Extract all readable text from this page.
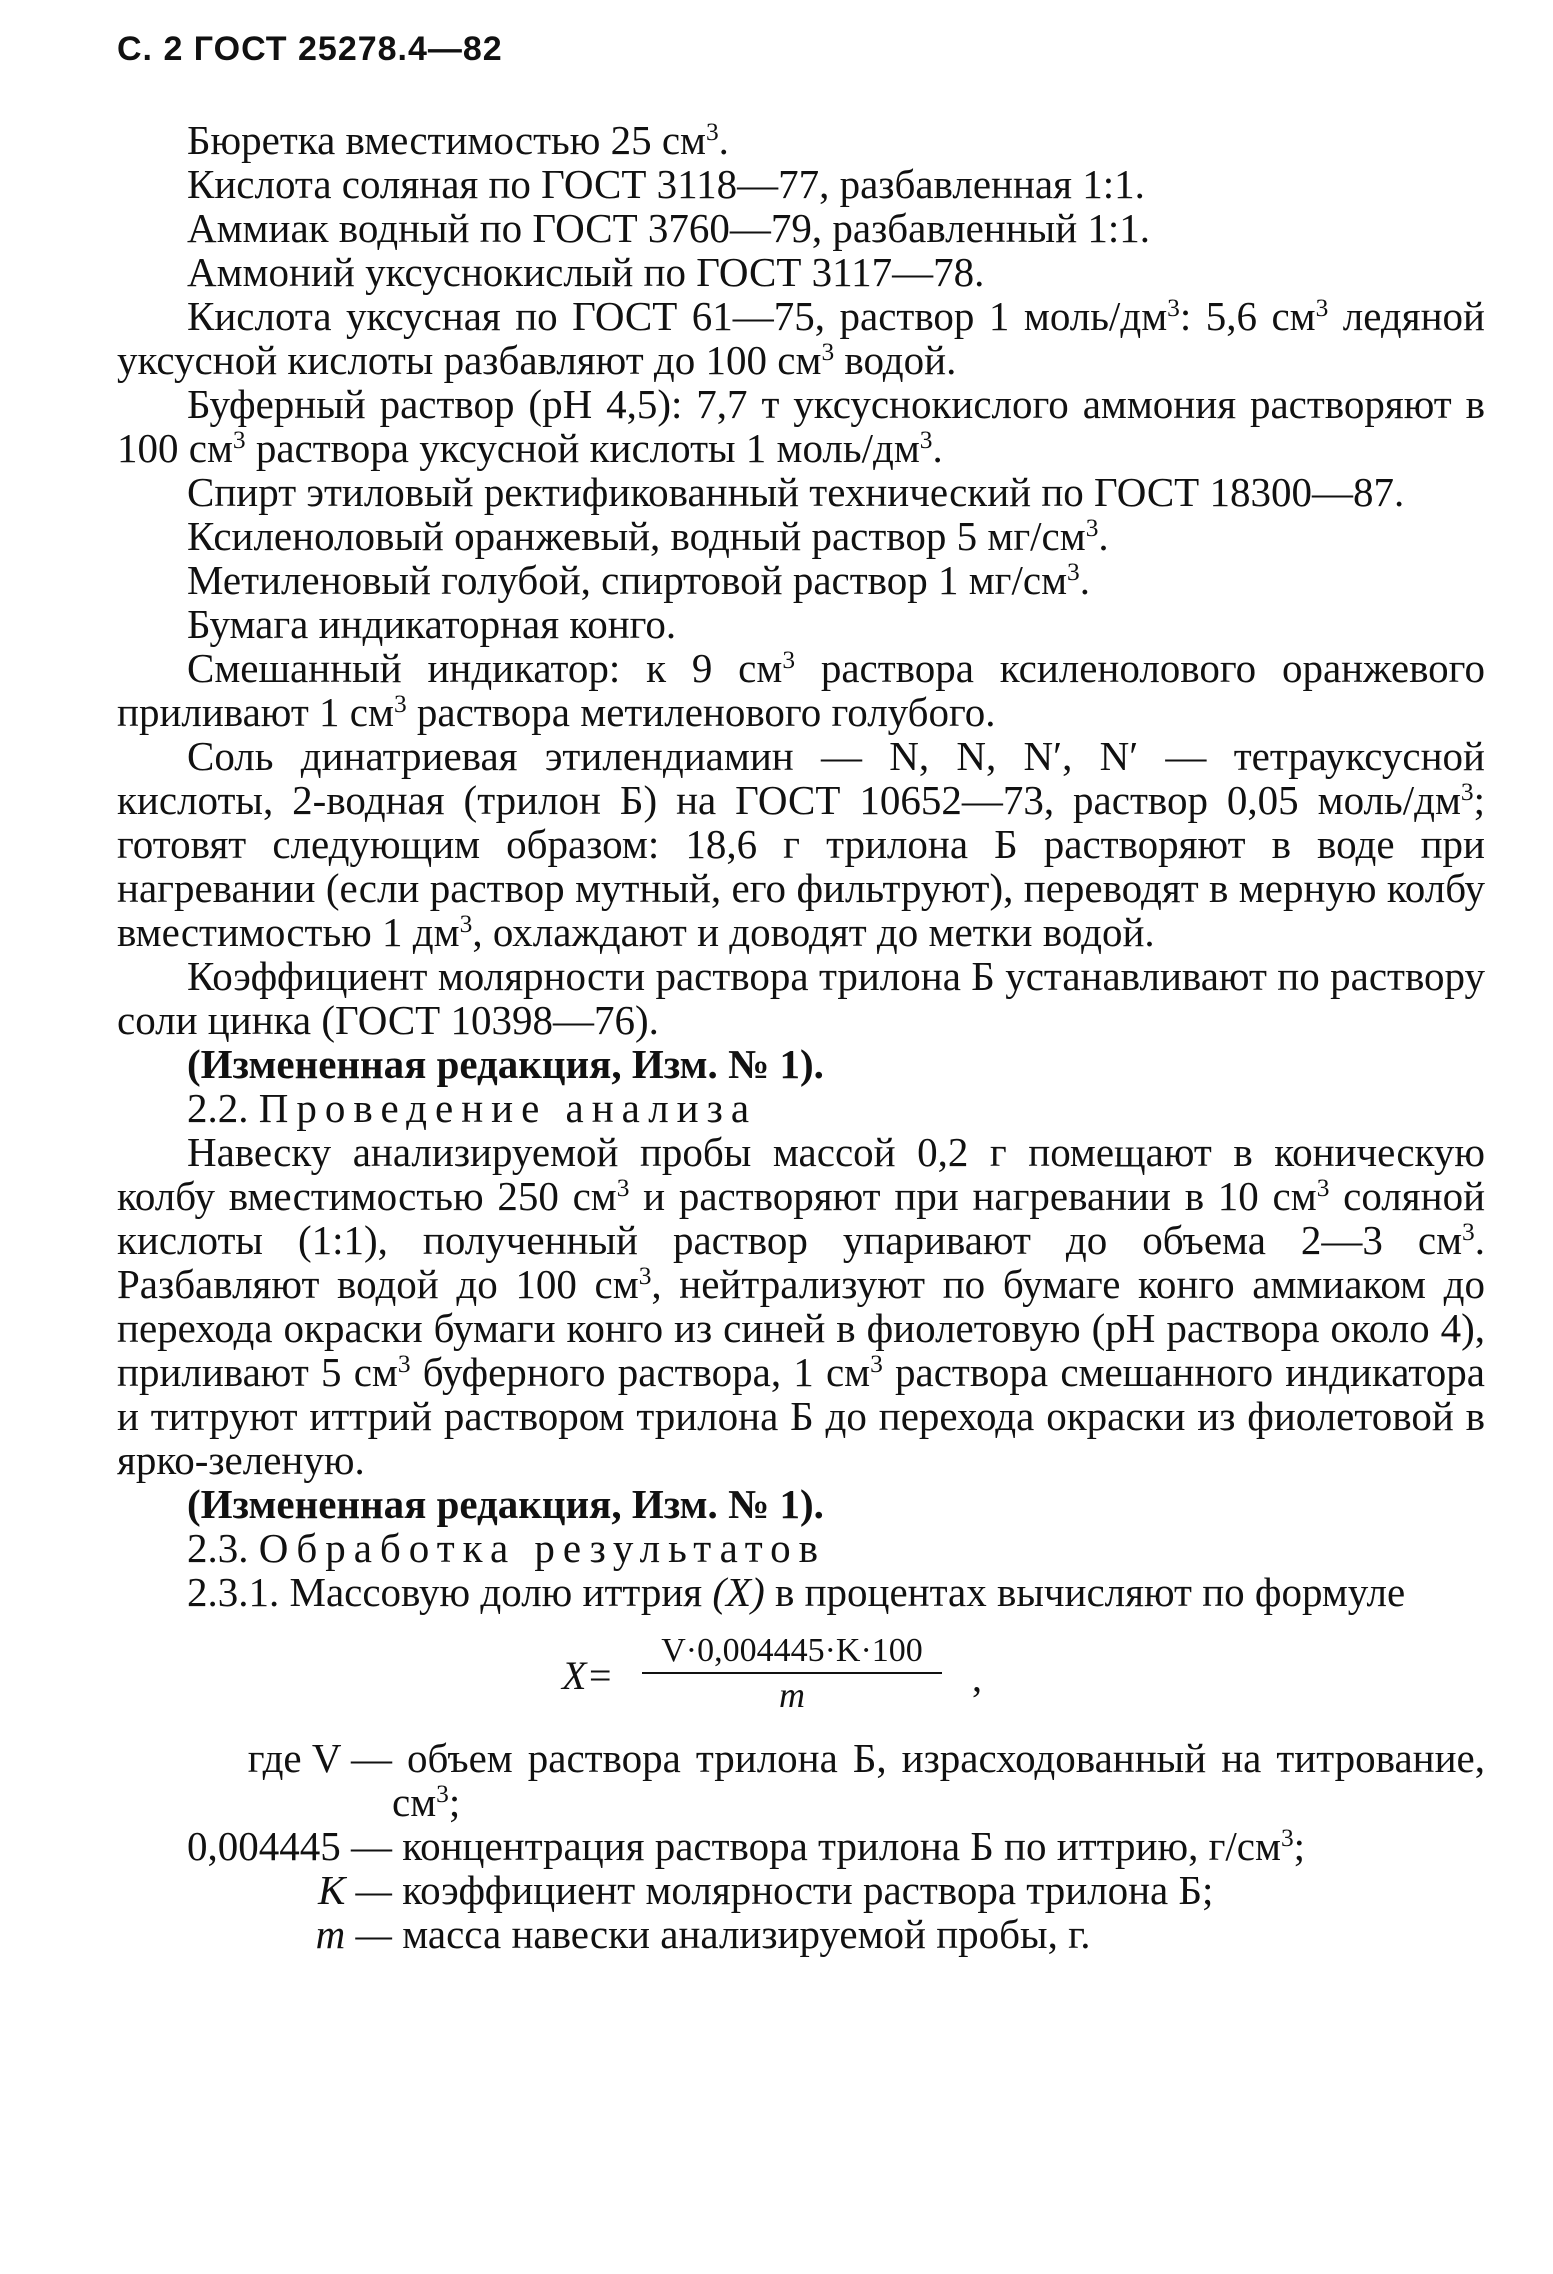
С. 2 ГОСТ 25278.4—82

Бюретка вместимостью 25 $см^3$.

Кислота соляная по ГОСТ 3118—77, разбавленная 1:1.

Аммиак водный по ГОСТ 3760—79, разбавленный 1:1.

Аммоний уксуснокислый по ГОСТ 3117—78.

Кислота уксусная по ГОСТ 61—75, раствор 1 моль/$дм^3$: 5,6 $см^3$ ледяной уксусной кислоты разбавляют до 100 $см^3$ водой.

Буферный раствор (рН 4,5): 7,7 т уксуснокислого аммония растворяют в 100 $см^3$ раствора уксусной кислоты 1 моль/$дм^3$.

Спирт этиловый ректификованный технический по ГОСТ 18300—87.

Ксиленоловый оранжевый, водный раствор 5 $мг/см^3$.

Метиленовый голубой, спиртовой раствор 1 $мг/см^3$.

Бумага индикаторная конго.

Смешанный индикатор: к 9 $см^3$ раствора ксиленолового оранжевого приливают 1 $см^3$ раствора метиленового голубого.

Соль динатриевая этилендиамин — N, N, N′, N′ — тетрауксусной кислоты, 2-водная (трилон Б) на ГОСТ 10652—73, раствор 0,05 моль/$дм^3$; готовят следующим образом: 18,6 г трилона Б растворяют в воде при нагревании (если раствор мутный, его фильтруют), переводят в мерную колбу вместимостью 1 $дм^3$, охлаждают и доводят до метки водой.

Коэффициент молярности раствора трилона Б устанавливают по раствору соли цинка (ГОСТ 10398—76).

(Измененная редакция, Изм. № 1).

2.2. Проведение анализа

Навеску анализируемой пробы массой 0,2 г помещают в коническую колбу вместимостью 250 $см^3$ и растворяют при нагревании в 10 $см^3$ соляной кислоты (1:1), полученный раствор упаривают до объема 2—3 $см^3$. Разбавляют водой до 100 $см^3$, нейтрализуют по бумаге конго аммиаком до перехода окраски бумаги конго из синей в фиолетовую (рН раствора около 4), приливают 5 $см^3$ буферного раствора, 1 $см^3$ раствора смешанного индикатора и титруют иттрий раствором трилона Б до перехода окраски из фиолетовой в ярко-зеленую.

(Измененная редакция, Изм. № 1).

2.3. Обработка результатов

2.3.1. Массовую долю иттрия (X) в процентах вычисляют по формуле

$X= \frac{V\cdot 0,004445\cdot K\cdot 100}{m}$ ,
где V — объем раствора трилона Б, израсходованный на титрование, $см^3$;
0,004445 — концентрация раствора трилона Б по иттрию, $г/см^3$;
K — коэффициент молярности раствора трилона Б;
m — масса навески анализируемой пробы, г.
